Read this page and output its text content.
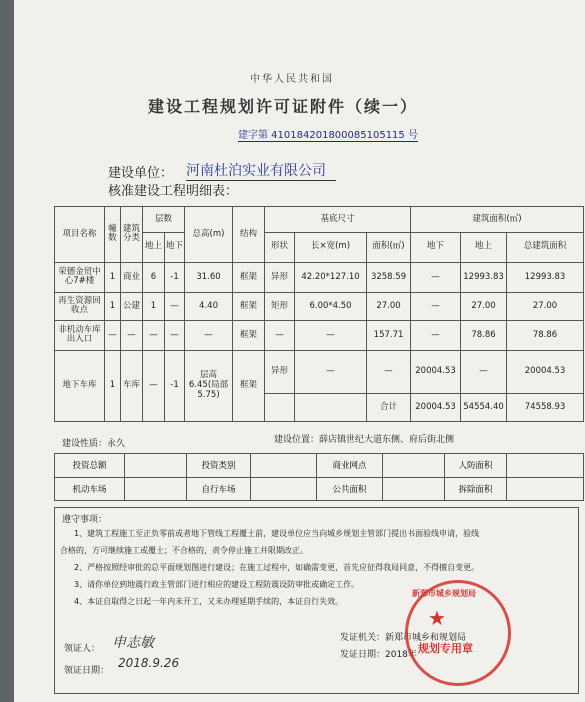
中华人民共和国
建设工程规划许可证附件（续一）
建字第 410184201800085105115 号
建设单位： 河南杜泊实业有限公司
核准建设工程明细表：
项目名称	幢数	建筑分类	层数		总高(m)	结构	基底尺寸			建筑面积(㎡)		
			地上	地下			形状	长×宽(m)	面积(㎡)	地下	地上	总建筑面积
荣德金贸中心7#楼	1	商业	6	-1	31.60	框架	异形	42.20*127.10	3258.59	—	12993.83	12993.83
再生资源回收点	1	公建	1	—	4.40	框架	矩形	6.00*4.50	27.00	—	27.00	27.00
非机动车库出入口	—	—	—	—	—	框架	—	—	157.71	—	78.86	78.86
地下车库	1	车库	—	-1	层高6.45(局部5.75)	框架	异形	—	—	20004.53	—	20004.53
									合计	20004.53	54554.40	74558.93
建设性质：永久	建设位置：薛店镇世纪大道东侧、府后街北侧
投资总额		投资类别		商业网点		人防面积	
机动车场		自行车场		公共面积		拆除面积	
遵守事项：
1、建筑工程施工至正负零前或者地下管线工程覆土前，建设单位应当向城乡规划主管部门提出书面验线申请，验线
合格的，方可继续施工或覆土；不合格的，责令停止施工并限期改正。
2、严格按照经审批的总平面规划图进行建设；在施工过程中，如确需变更，首先应征得我局同意，不得擅自变更。
3、请你单位到地震行政主管部门进行相应的建设工程防震设防审批或确定工作。
4、本证自取得之日起一年内未开工，又未办理延期手续的，本证自行失效。
领证人：
领证日期：
发证机关：新郑市城乡和规划局
发证日期：2018年
申志敏
2018.9.26
★
新郑市城乡规划局
规划专用章
